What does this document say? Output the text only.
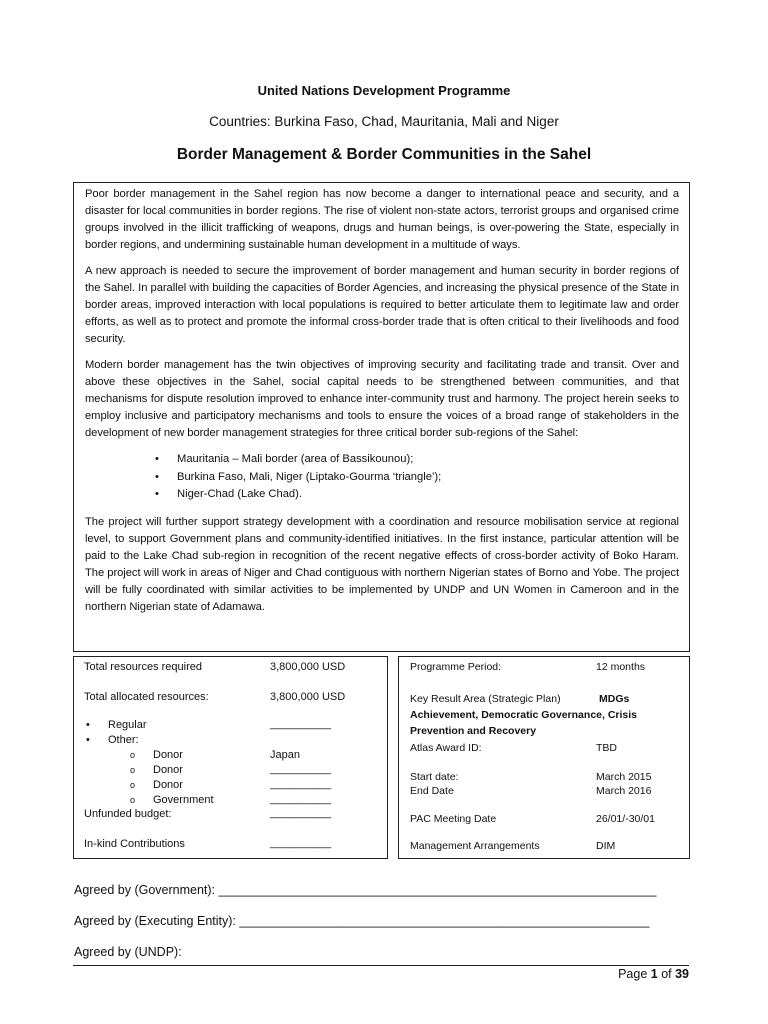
United Nations Development Programme
Countries: Burkina Faso, Chad, Mauritania, Mali and Niger
Border Management & Border Communities in the Sahel

Poor border management in the Sahel region has now become a danger to international peace and security, and a disaster for local communities in border regions. The rise of violent non-state actors, terrorist groups and organised crime groups involved in the illicit trafficking of weapons, drugs and human beings, is over-powering the State, especially in border regions, and undermining sustainable human development in a multitude of ways.

A new approach is needed to secure the improvement of border management and human security in border regions of the Sahel. In parallel with building the capacities of Border Agencies, and increasing the physical presence of the State in border areas, improved interaction with local populations is required to better articulate them to legitimate law and order efforts, as well as to protect and promote the informal cross-border trade that is often critical to their livelihoods and food security.

Modern border management has the twin objectives of improving security and facilitating trade and transit. Over and above these objectives in the Sahel, social capital needs to be strengthened between communities, and that mechanisms for dispute resolution improved to enhance inter-community trust and harmony. The project herein seeks to employ inclusive and participatory mechanisms and tools to ensure the voices of a broad range of stakeholders in the development of new border management strategies for three critical border sub-regions of the Sahel:

• Mauritania – Mali border (area of Bassikounou);
• Burkina Faso, Mali, Niger (Liptako-Gourma ‘triangle’);
• Niger-Chad (Lake Chad).

The project will further support strategy development with a coordination and resource mobilisation service at regional level, to support Government plans and community-identified initiatives. In the first instance, particular attention will be paid to the Lake Chad sub-region in recognition of the recent negative effects of cross-border activity of Boko Haram. The project will work in areas of Niger and Chad contiguous with northern Nigerian states of Borno and Yobe. The project will be fully coordinated with similar activities to be implemented by UNDP and UN Women in Cameroon and in the northern Nigerian state of Adamawa.

Total resources required	3,800,000 USD
Total allocated resources:	3,800,000 USD
• Regular	__________
• Other:
o Donor	Japan
o Donor	__________
o Donor	__________
o Government	__________
Unfunded budget:	__________
In-kind Contributions	__________
Programme Period:	12 months
Key Result Area (Strategic Plan)	MDGs
Achievement, Democratic Governance, Crisis
Prevention and Recovery
Atlas Award ID:	TBD
Start date:	March 2015
End Date	March 2016
PAC Meeting Date	26/01/-30/01
Management Arrangements	DIM
Agreed by (Government): _______________________________________________________________
Agreed by (Executing Entity): ___________________________________________________________
Agreed by (UNDP):
Page 1 of 39
